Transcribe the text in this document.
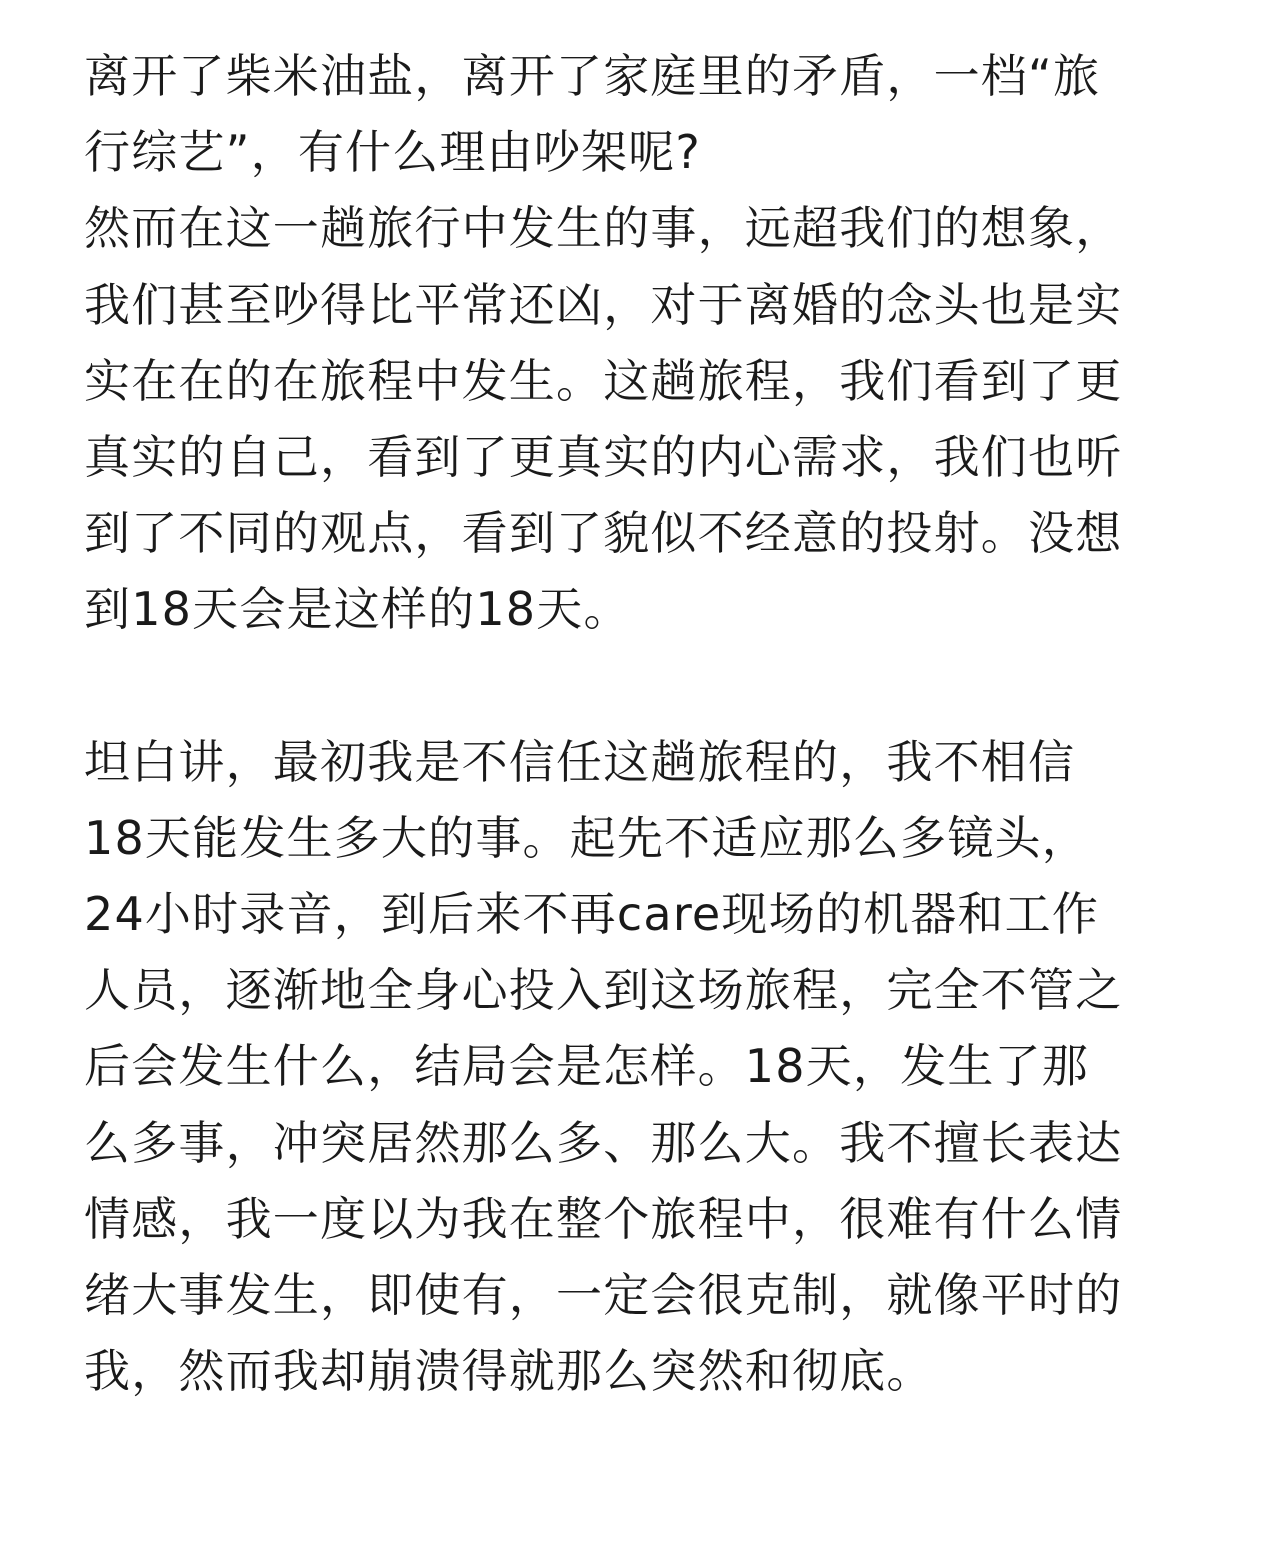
离开了柴米油盐，离开了家庭里的矛盾，一档“旅
行综艺”，有什么理由吵架呢?
然而在这一趟旅行中发生的事，远超我们的想象，
我们甚至吵得比平常还凶，对于离婚的念头也是实
实在在的在旅程中发生。这趟旅程，我们看到了更
真实的自己，看到了更真实的内心需求，我们也听
到了不同的观点，看到了貌似不经意的投射。没想
到18天会是这样的18天。
坦白讲，最初我是不信任这趟旅程的，我不相信
18天能发生多大的事。起先不适应那么多镜头，
24小时录音，到后来不再care现场的机器和工作
人员，逐渐地全身心投入到这场旅程，完全不管之
后会发生什么，结局会是怎样。18天，发生了那
么多事，冲突居然那么多、那么大。我不擅长表达
情感，我一度以为我在整个旅程中，很难有什么情
绪大事发生，即使有，一定会很克制，就像平时的
我，然而我却崩溃得就那么突然和彻底。
